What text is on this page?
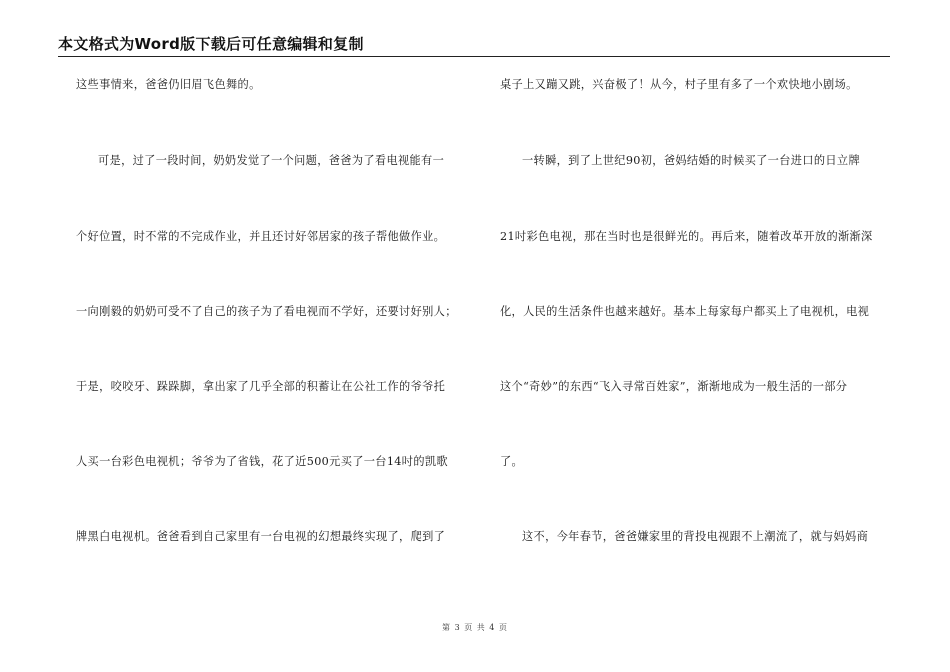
本文格式为Word版下载后可任意编辑和复制
这些事情来，爸爸仍旧眉飞色舞的。
可是，过了一段时间，奶奶发觉了一个问题，爸爸为了看电视能有一
个好位置，时不常的不完成作业，并且还讨好邻居家的孩子帮他做作业。
一向刚毅的奶奶可受不了自己的孩子为了看电视而不学好，还要讨好别人；
于是，咬咬牙、跺跺脚，拿出家了几乎全部的积蓄让在公社工作的爷爷托
人买一台彩色电视机；爷爷为了省钱，花了近500元买了一台14吋的凯歌
牌黑白电视机。爸爸看到自己家里有一台电视的幻想最终实现了，爬到了
桌子上又蹦又跳，兴奋极了！从今，村子里有多了一个欢快地小剧场。
一转瞬，到了上世纪90初，爸妈结婚的时候买了一台进口的日立牌
21吋彩色电视，那在当时也是很鲜光的。再后来，随着改革开放的渐渐深
化，人民的生活条件也越来越好。基本上每家每户都买上了电视机，电视
这个“奇妙”的东西“飞入寻常百姓家”，渐渐地成为一般生活的一部分
了。
这不，今年春节，爸爸嫌家里的背投电视跟不上潮流了，就与妈妈商
第 3 页 共 4 页
